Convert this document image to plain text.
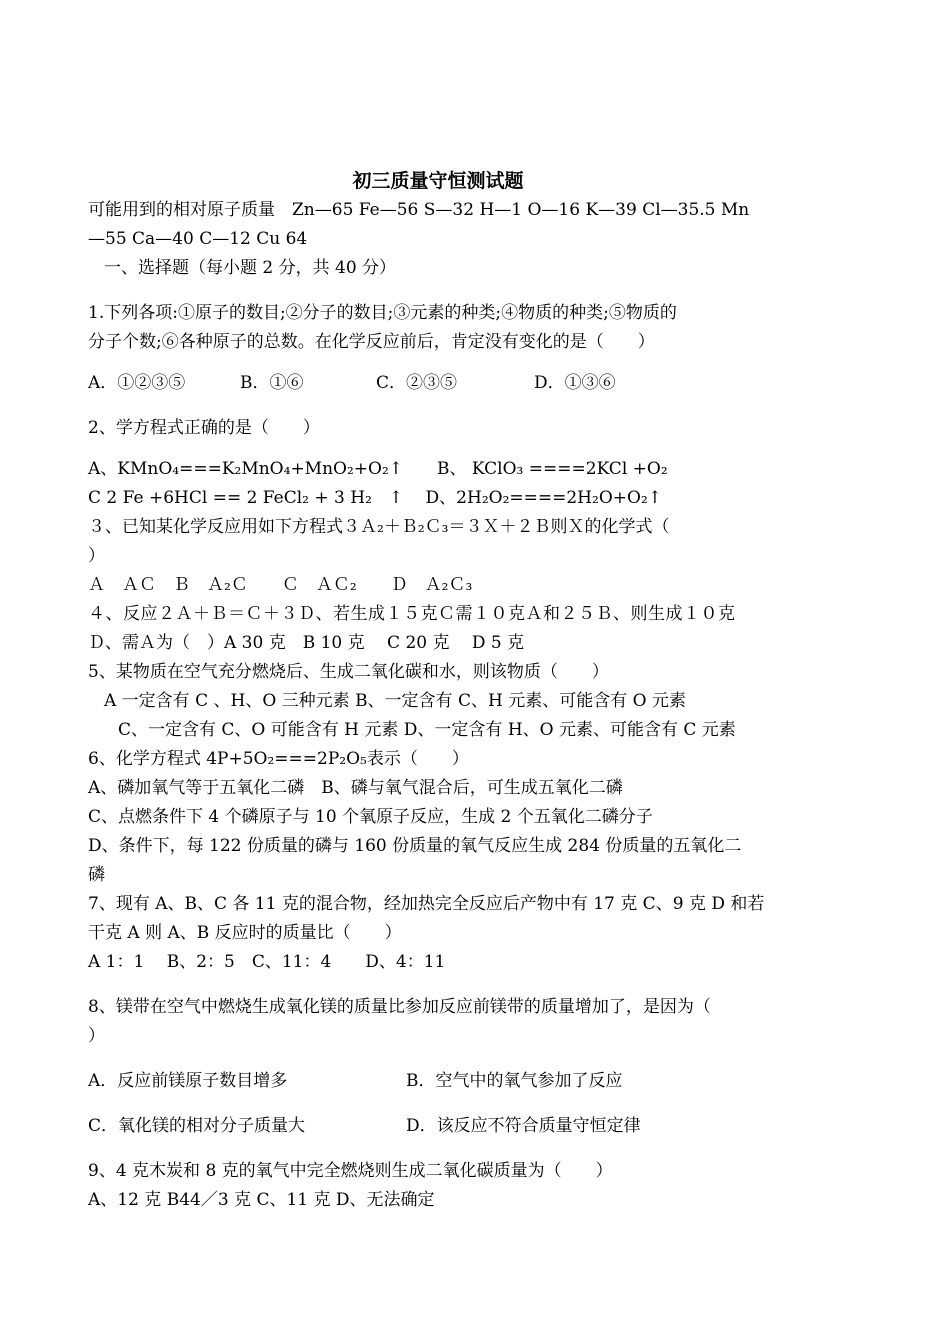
初三质量守恒测试题
可能用到的相对原子质量　Zn—65 Fe—56 S—32 H—1 O—16 K—39 Cl—35.5 Mn
—55 Ca—40 C—12 Cu 64
一、选择题（每小题 2 分，共 40 分）
1.下列各项:①原子的数目;②分子的数目;③元素的种类;④物质的种类;⑤物质的
分子个数;⑥各种原子的总数。在化学反应前后，肯定没有变化的是（　　）
A．①②③⑤	B．①⑥	C．②③⑤	D．①③⑥
2、学方程式正确的是（　　）
A、KMnO₄===K₂MnO₄+MnO₂+O₂↑　　B、 KClO₃ ====2KCl +O₂
C 2 Fe +6HCl == 2 FeCl₂ + 3 H₂　↑　 D、2H₂O₂====2H₂O+O₂↑
３、已知某化学反应用如下方程式３Ａ₂＋Ｂ₂Ｃ₃＝３Ｘ＋２Ｂ则Ｘ的化学式（
）
Ａ　ＡＣ　Ｂ　Ａ₂Ｃ　　Ｃ　ＡＣ₂　　Ｄ　Ａ₂Ｃ₃
４、反应２Ａ＋Ｂ＝Ｃ＋３Ｄ、若生成１５克Ｃ需１０克Ａ和２５Ｂ、则生成１０克
Ｄ、需Ａ为（　）A 30 克　B 10 克　 C 20 克　 D 5 克
5、某物质在空气充分燃烧后、生成二氧化碳和水，则该物质（　　）
A 一定含有 C 、H、O 三种元素 B、一定含有 C、H 元素、可能含有 O 元素
C、一定含有 C、O 可能含有 H 元素 D、一定含有 H、O 元素、可能含有 C 元素
6、化学方程式 4P+5O₂===2P₂O₅表示（　　）
A、磷加氧气等于五氧化二磷　B、磷与氧气混合后，可生成五氧化二磷
C、点燃条件下 4 个磷原子与 10 个氧原子反应，生成 2 个五氧化二磷分子
D、条件下，每 122 份质量的磷与 160 份质量的氧气反应生成 284 份质量的五氧化二
磷
7、现有 A、B、C 各 11 克的混合物，经加热完全反应后产物中有 17 克 C、9 克 D 和若
干克 A 则 A、B 反应时的质量比（　　）
A 1：1　 B、2：5　C、11：4　　D、4：11
8、镁带在空气中燃烧生成氧化镁的质量比参加反应前镁带的质量增加了，是因为（
）
A．反应前镁原子数目增多	B．空气中的氧气参加了反应
C．氧化镁的相对分子质量大	D．该反应不符合质量守恒定律
9、4 克木炭和 8 克的氧气中完全燃烧则生成二氧化碳质量为（　　）
A、12 克 B44／3 克 C、11 克 D、无法确定
